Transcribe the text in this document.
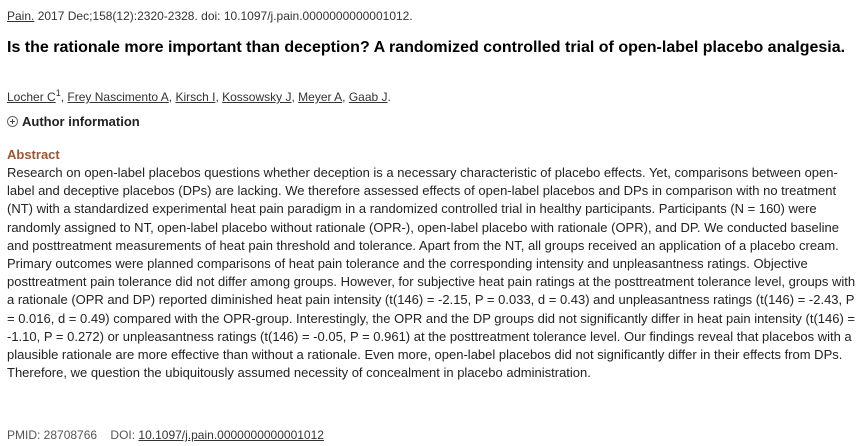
Pain. 2017 Dec;158(12):2320-2328. doi: 10.1097/j.pain.0000000000001012.
Is the rationale more important than deception? A randomized controlled trial of open-label placebo analgesia.
Locher $C^1$, Frey Nascimento A, Kirsch I, Kossowsky J, Meyer A, Gaab J.
Author information
Abstract
Research on open-label placebos questions whether deception is a necessary characteristic of placebo effects. Yet, comparisons between open-label and deceptive placebos (DPs) are lacking. We therefore assessed effects of open-label placebos and DPs in comparison with no treatment (NT) with a standardized experimental heat pain paradigm in a randomized controlled trial in healthy participants. Participants (N = 160) were randomly assigned to NT, open-label placebo without rationale (OPR-), open-label placebo with rationale (OPR), and DP. We conducted baseline and posttreatment measurements of heat pain threshold and tolerance. Apart from the NT, all groups received an application of a placebo cream. Primary outcomes were planned comparisons of heat pain tolerance and the corresponding intensity and unpleasantness ratings. Objective posttreatment pain tolerance did not differ among groups. However, for subjective heat pain ratings at the posttreatment tolerance level, groups with a rationale (OPR and DP) reported diminished heat pain intensity (t(146) = -2.15, P = 0.033, d = 0.43) and unpleasantness ratings (t(146) = -2.43, P = 0.016, d = 0.49) compared with the OPR-group. Interestingly, the OPR and the DP groups did not significantly differ in heat pain intensity (t(146) = -1.10, P = 0.272) or unpleasantness ratings (t(146) = -0.05, P = 0.961) at the posttreatment tolerance level. Our findings reveal that placebos with a plausible rationale are more effective than without a rationale. Even more, open-label placebos did not significantly differ in their effects from DPs. Therefore, we question the ubiquitously assumed necessity of concealment in placebo administration.
PMID: 28708766 DOI: 10.1097/j.pain.0000000000001012
